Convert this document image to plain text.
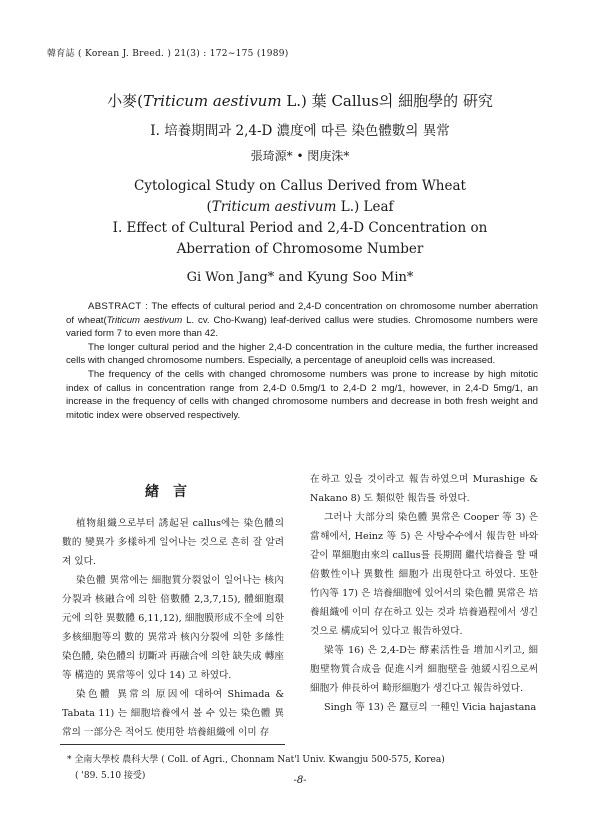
韓育誌 ( Korean J. Breed. ) 21(3) : 172∼175 (1989)
小麥(Triticum aestivum L.) 葉 Callus의 細胞學的 硏究
Ⅰ. 培養期間과 2,4-D 濃度에 따른 染色體數의 異常
張琦源* • 閔庚洙*
Cytological Study on Callus Derived from Wheat
(Triticum aestivum L.) Leaf
Ⅰ. Effect of Cultural Period and 2,4-D Concentration on
Aberration of Chromosome Number
Gi Won Jang* and Kyung Soo Min*

ABSTRACT : The effects of cultural period and 2,4-D concentration on chromosome number aberration of wheat(Triticum aestivum L. cv. Cho-Kwang) leaf-derived callus were studies. Chromosome numbers were varied form 7 to even more than 42.

The longer cultural period and the higher 2,4-D concentration in the culture media, the further increased cells with changed chromosome numbers. Especially, a percentage of aneuploid cells was increased.

The frequency of the cells with changed chromosome numbers was prone to increase by high mitotic index of callus in concentration range from 2,4-D 0.5mg/1 to 2,4-D 2 mg/1, however, in 2,4-D 5mg/1, an increase in the frequency of cells with changed chromosome numbers and decrease in both fresh weight and mitotic index were observed respectively.

緖言

植物組織으로부터 誘起된 callus에는 染色體의 數的 變異가 多樣하게 일어나는 것으로 흔히 잘 알려져 있다.

染色體 異常에는 細胞質分裂없이 일어나는 核內分裂과 核融合에 의한 倍數體 2,3,7,15), 體細胞環元에 의한 異數體 6,11,12), 細胞膜形成不全에 의한 多核細胞等의 數的 異常과 核內分裂에 의한 多絲性 染色體, 染色體의 切斷과 再融合에 의한 缺失成 轉座等 構造的 異常等이 있다 14) 고 하였다.

染色體 異常의 原因에 대하여 Shimada & Tabata 11) 는 細胞培養에서 볼 수 있는 染色體 異常의 一部分은 적어도 使用한 培養組織에 이미 存

在하고 있을 것이라고 報告하였으며 Murashige & Nakano 8) 도 類似한 報告를 하였다.

그러나 大部分의 染色體 異常은 Cooper 等 3) 은 當해에서, Heinz 等 5) 은 사탕수수에서 報告한 바와 같이 單細胞由來의 callus를 長期間 繼代培養을 할 때 倍數性이나 異數性 細胞가 出現한다고 하였다. 또한 竹內等 17) 은 培養細胞에 있어서의 染色體 異常은 培養組織에 이미 存在하고 있는 것과 培養過程에서 생긴 것으로 構成되어 있다고 報告하였다.

梁等 16) 은 2,4-D는 酵素活性을 增加시키고, 細胞壁物質合成을 促進시켜 細胞壁을 弛緩시킴으로써 細胞가 伸長하여 畸形細胞가 생긴다고 報告하였다.

Singh 等 13) 은 蠶豆의 一種인 Vicia hajastana

* 全南大學校 農科大學 ( Coll. of Agri., Chonnam Nat'l Univ. Kwangju 500-575, Korea)
( '89. 5.10 接受)	-8-
